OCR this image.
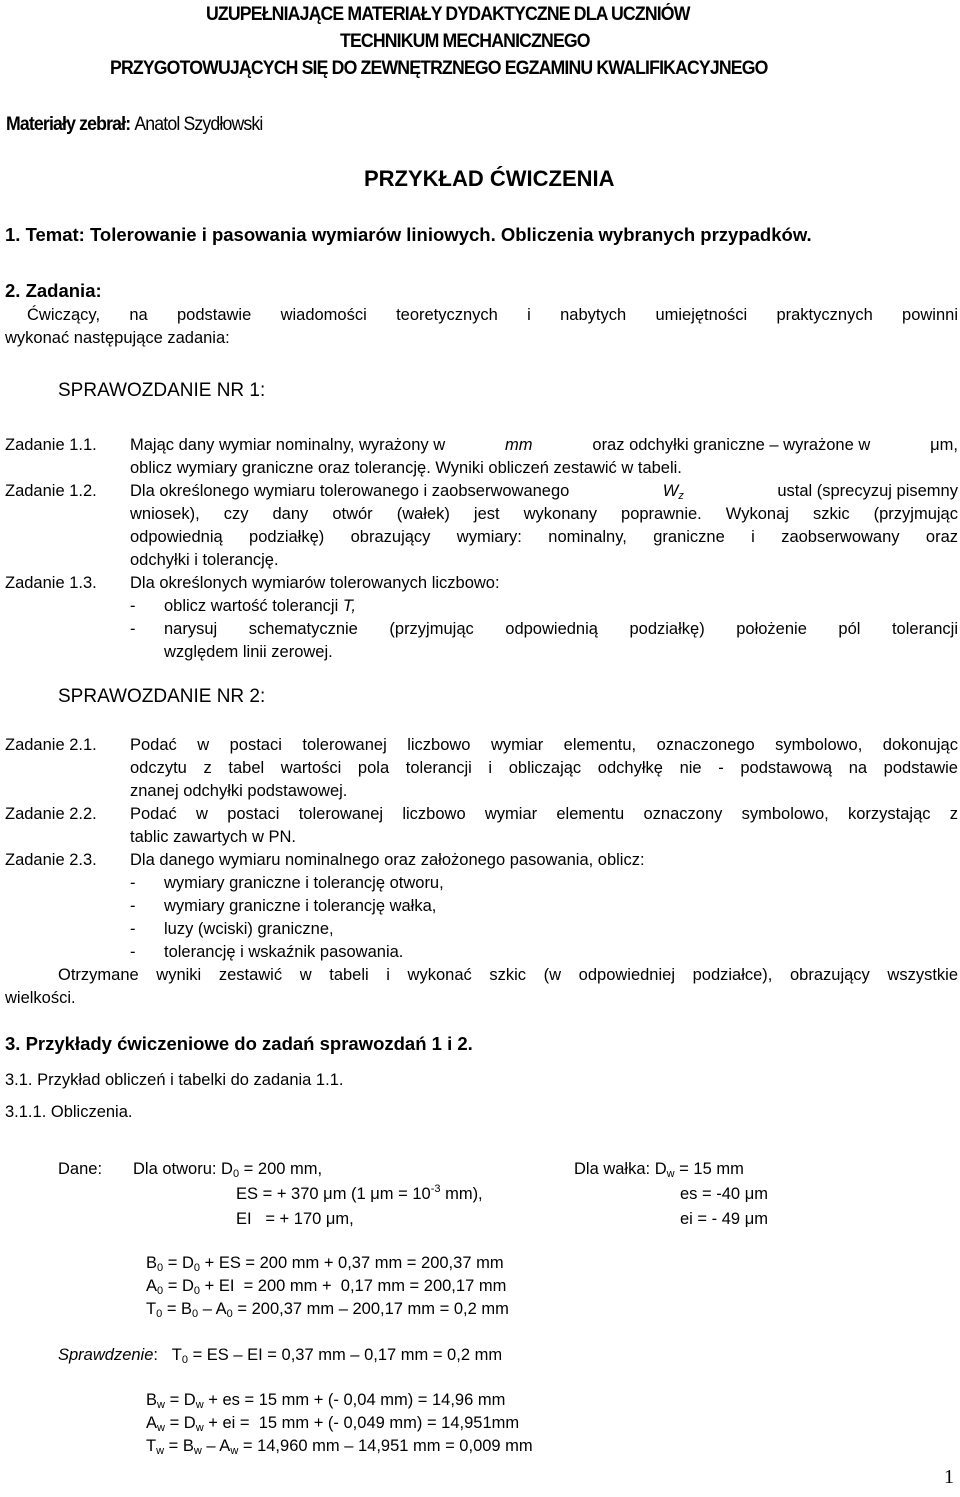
UZUPEŁNIAJĄCE MATERIAŁY DYDAKTYCZNE DLA UCZNIÓW
TECHNIKUM MECHANICZNEGO
PRZYGOTOWUJĄCYCH SIĘ DO ZEWNĘTRZNEGO EGZAMINU KWALIFIKACYJNEGO
Materiały zebrał: Anatol Szydłowski
PRZYKŁAD ĆWICZENIA
1. Temat: Tolerowanie i pasowania wymiarów liniowych. Obliczenia wybranych przypadków.
2. Zadania:
Ćwiczący, na podstawie wiadomości teoretycznych i nabytych umiejętności praktycznych powinni
wykonać następujące zadania:
SPRAWOZDANIE NR 1:
Zadanie 1.1. Mając dany wymiar nominalny, wyrażony w	mm	oraz odchyłki graniczne – wyrażone w	μm,
oblicz wymiary graniczne oraz tolerancję. Wyniki obliczeń zestawić w tabeli.
Zadanie 1.2. Dla określonego wymiaru tolerowanego i zaobserwowanego	$W_z$	ustal (sprecyzuj pisemny
wniosek), czy dany otwór (wałek) jest wykonany poprawnie. Wykonaj szkic (przyjmując
odpowiednią podziałkę) obrazujący wymiary: nominalny, graniczne i zaobserwowany oraz
odchyłki i tolerancję.
Zadanie 1.3. Dla określonych wymiarów tolerowanych liczbowo:
- oblicz wartość tolerancji T,
- narysuj schematycznie (przyjmując odpowiednią podziałkę) położenie pól tolerancji
względem linii zerowej.
SPRAWOZDANIE NR 2:
Zadanie 2.1. Podać w postaci tolerowanej liczbowo wymiar elementu, oznaczonego symbolowo, dokonując
odczytu z tabel wartości pola tolerancji i obliczając odchyłkę nie - podstawową na podstawie
znanej odchyłki podstawowej.
Zadanie 2.2. Podać w postaci tolerowanej liczbowo wymiar elementu oznaczony symbolowo, korzystając z
tablic zawartych w PN.
Zadanie 2.3. Dla danego wymiaru nominalnego oraz założonego pasowania, oblicz:
- wymiary graniczne i tolerancję otworu,
- wymiary graniczne i tolerancję wałka,
- luzy (wciski) graniczne,
- tolerancję i wskaźnik pasowania.
Otrzymane wyniki zestawić w tabeli i wykonać szkic (w odpowiedniej podziałce), obrazujący wszystkie
wielkości.
3. Przykłady ćwiczeniowe do zadań sprawozdań 1 i 2.
3.1. Przykład obliczeń i tabelki do zadania 1.1.
3.1.1. Obliczenia.
Dane: Dla otworu: $D_0 = 200$ mm,	Dla wałka: $D_w = 15$ mm
ES = + 370 μm (1 $\mu m = 10^{-3}$ mm),	es = -40 μm
EI   = + 170 μm,	ei = - 49 μm
$B_0 = D_0$ + ES = 200 mm + 0,37 mm = 200,37 mm
$A_0 = D_0$ + EI  = 200 mm +  0,17 mm = 200,17 mm
$T_0 = B_0 - A_0 = 200,37$ mm – 200,17 mm = 0,2 mm
Sprawdzenie: $T_0$ = ES – EI = 0,37 mm – 0,17 mm = 0,2 mm
$B_w = D_w$ + es = 15 mm + (- 0,04 mm) = 14,96 mm
$A_w = D_w$ + ei =  15 mm + (- 0,049 mm) = 14,951mm
$T_w = B_w - A_w = 14,960$ mm – 14,951 mm = 0,009 mm
1
